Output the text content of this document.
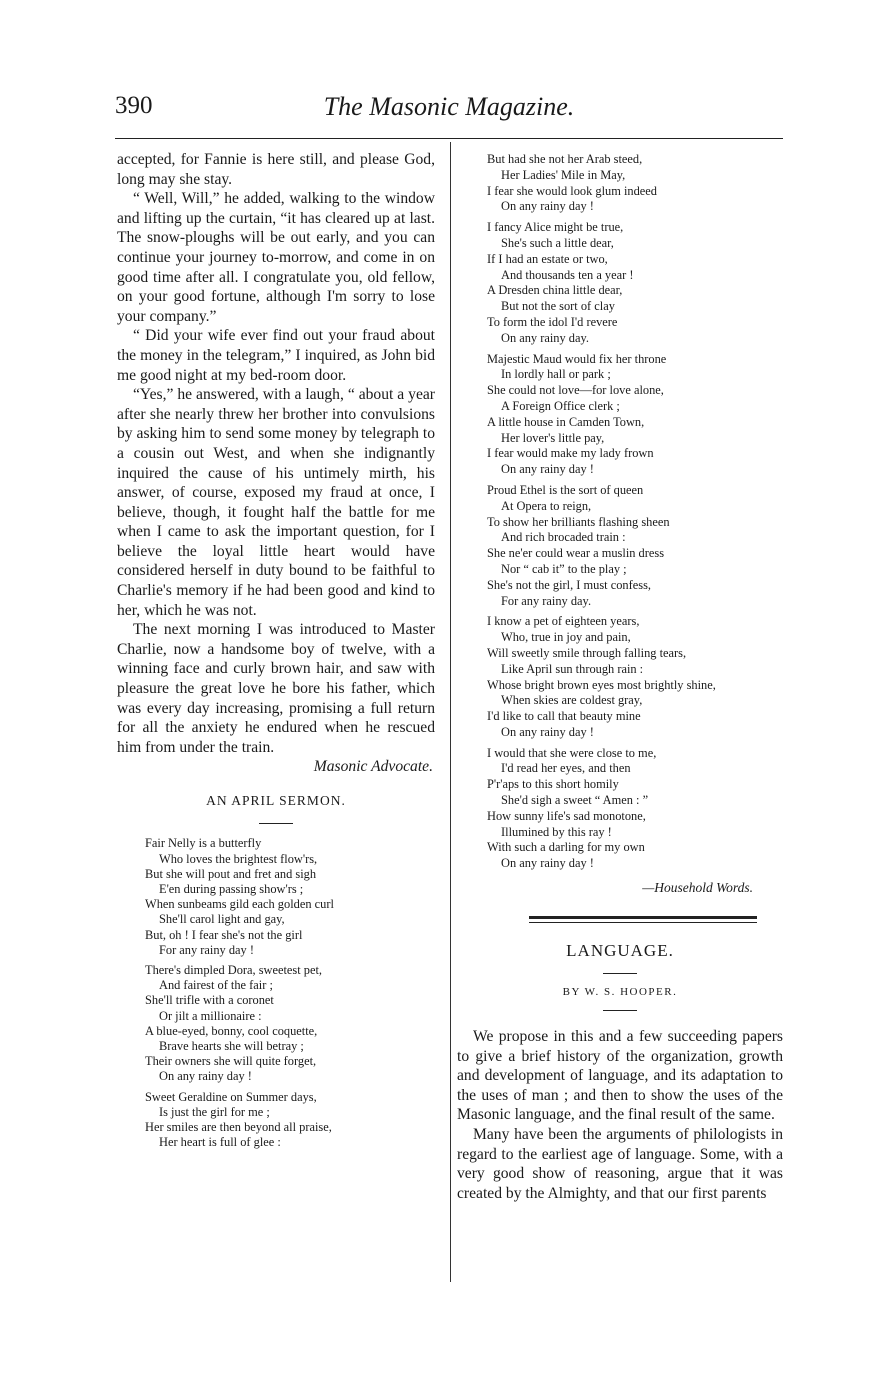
390	The Masonic Magazine.

accepted, for Fannie is here still, and please God, long may she stay.

“ Well, Will,” he added, walking to the window and lifting up the curtain, “it has cleared up at last. The snow-ploughs will be out early, and you can continue your journey to-morrow, and come in on good time after all. I congratulate you, old fellow, on your good fortune, although I'm sorry to lose your company.”

“ Did your wife ever find out your fraud about the money in the telegram,” I inquired, as John bid me good night at my bed-room door.

“Yes,” he answered, with a laugh, “ about a year after she nearly threw her brother into convulsions by asking him to send some money by telegraph to a cousin out West, and when she indignantly inquired the cause of his untimely mirth, his answer, of course, exposed my fraud at once, I believe, though, it fought half the battle for me when I came to ask the important question, for I believe the loyal little heart would have considered herself in duty bound to be faithful to Charlie's memory if he had been good and kind to her, which he was not.

The next morning I was introduced to Master Charlie, now a handsome boy of twelve, with a winning face and curly brown hair, and saw with pleasure the great love he bore his father, which was every day increasing, promising a full return for all the anxiety he endured when he rescued him from under the train.

Masonic Advocate.

AN APRIL SERMON.
Fair Nelly is a butterfly
Who loves the brightest flow'rs,
But she will pout and fret and sigh
E'en during passing show'rs ;
When sunbeams gild each golden curl
She'll carol light and gay,
But, oh ! I fear she's not the girl
For any rainy day !
There's dimpled Dora, sweetest pet,
And fairest of the fair ;
She'll trifle with a coronet
Or jilt a millionaire :
A blue-eyed, bonny, cool coquette,
Brave hearts she will betray ;
Their owners she will quite forget,
On any rainy day !
Sweet Geraldine on Summer days,
Is just the girl for me ;
Her smiles are then beyond all praise,
Her heart is full of glee :
But had she not her Arab steed,
Her Ladies' Mile in May,
I fear she would look glum indeed
On any rainy day !
I fancy Alice might be true,
She's such a little dear,
If I had an estate or two,
And thousands ten a year !
A Dresden china little dear,
But not the sort of clay
To form the idol I'd revere
On any rainy day.
Majestic Maud would fix her throne
In lordly hall or park ;
She could not love—for love alone,
A Foreign Office clerk ;
A little house in Camden Town,
Her lover's little pay,
I fear would make my lady frown
On any rainy day !
Proud Ethel is the sort of queen
At Opera to reign,
To show her brilliants flashing sheen
And rich brocaded train :
She ne'er could wear a muslin dress
Nor “ cab it” to the play ;
She's not the girl, I must confess,
For any rainy day.
I know a pet of eighteen years,
Who, true in joy and pain,
Will sweetly smile through falling tears,
Like April sun through rain :
Whose bright brown eyes most brightly shine,
When skies are coldest gray,
I'd like to call that beauty mine
On any rainy day !
I would that she were close to me,
I'd read her eyes, and then
P'r'aps to this short homily
She'd sigh a sweet “ Amen : ”
How sunny life's sad monotone,
Illumined by this ray !
With such a darling for my own
On any rainy day !
—Household Words.
LANGUAGE.
BY W. S. HOOPER.

We propose in this and a few succeeding papers to give a brief history of the organization, growth and development of language, and its adaptation to the uses of man ; and then to show the uses of the Masonic language, and the final result of the same.

Many have been the arguments of philologists in regard to the earliest age of language. Some, with a very good show of reasoning, argue that it was created by the Almighty, and that our first parents
